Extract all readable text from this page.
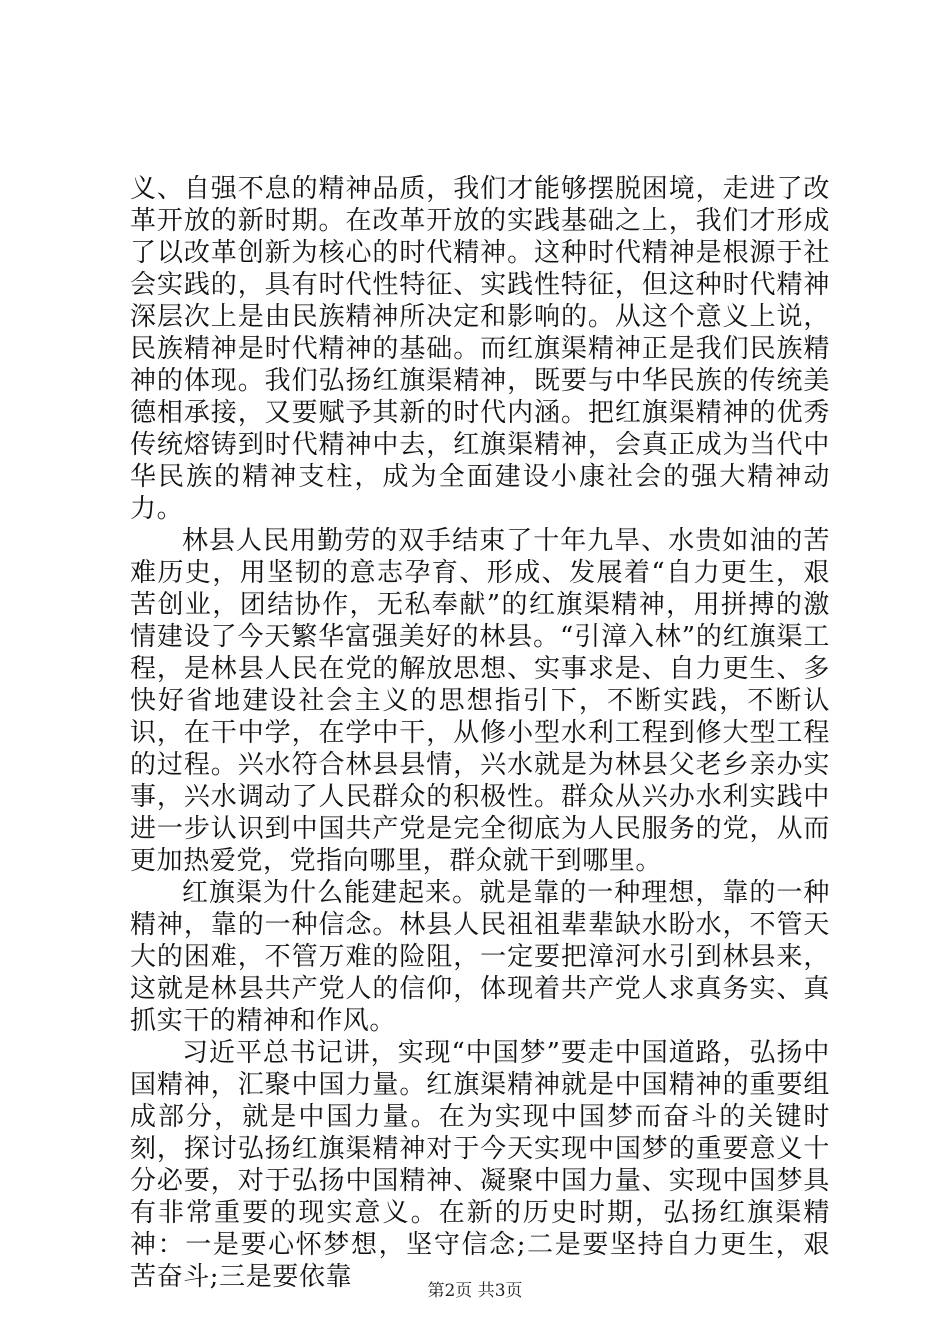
义、自强不息的精神品质，我们才能够摆脱困境，走进了改革开放的新时期。在改革开放的实践基础之上，我们才形成了以改革创新为核心的时代精神。这种时代精神是根源于社会实践的，具有时代性特征、实践性特征，但这种时代精神深层次上是由民族精神所决定和影响的。从这个意义上说，民族精神是时代精神的基础。而红旗渠精神正是我们民族精神的体现。我们弘扬红旗渠精神，既要与中华民族的传统美德相承接，又要赋予其新的时代内涵。把红旗渠精神的优秀传统熔铸到时代精神中去，红旗渠精神，会真正成为当代中华民族的精神支柱，成为全面建设小康社会的强大精神动力。

林县人民用勤劳的双手结束了十年九旱、水贵如油的苦难历史，用坚韧的意志孕育、形成、发展着“自力更生，艰苦创业，团结协作，无私奉献”的红旗渠精神，用拼搏的激情建设了今天繁华富强美好的林县。“引漳入林”的红旗渠工程，是林县人民在党的解放思想、实事求是、自力更生、多快好省地建设社会主义的思想指引下，不断实践，不断认识，在干中学，在学中干，从修小型水利工程到修大型工程的过程。兴水符合林县县情，兴水就是为林县父老乡亲办实事，兴水调动了人民群众的积极性。群众从兴办水利实践中进一步认识到中国共产党是完全彻底为人民服务的党，从而更加热爱党，党指向哪里，群众就干到哪里。

红旗渠为什么能建起来。就是靠的一种理想，靠的一种精神，靠的一种信念。林县人民祖祖辈辈缺水盼水，不管天大的困难，不管万难的险阻，一定要把漳河水引到林县来，这就是林县共产党人的信仰，体现着共产党人求真务实、真抓实干的精神和作风。

习近平总书记讲，实现“中国梦”要走中国道路，弘扬中国精神，汇聚中国力量。红旗渠精神就是中国精神的重要组成部分，就是中国力量。在为实现中国梦而奋斗的关键时刻，探讨弘扬红旗渠精神对于今天实现中国梦的重要意义十分必要，对于弘扬中国精神、凝聚中国力量、实现中国梦具有非常重要的现实意义。在新的历史时期，弘扬红旗渠精神：一是要心怀梦想，坚守信念;二是要坚持自力更生，艰苦奋斗;三是要依靠	第2页 共3页
